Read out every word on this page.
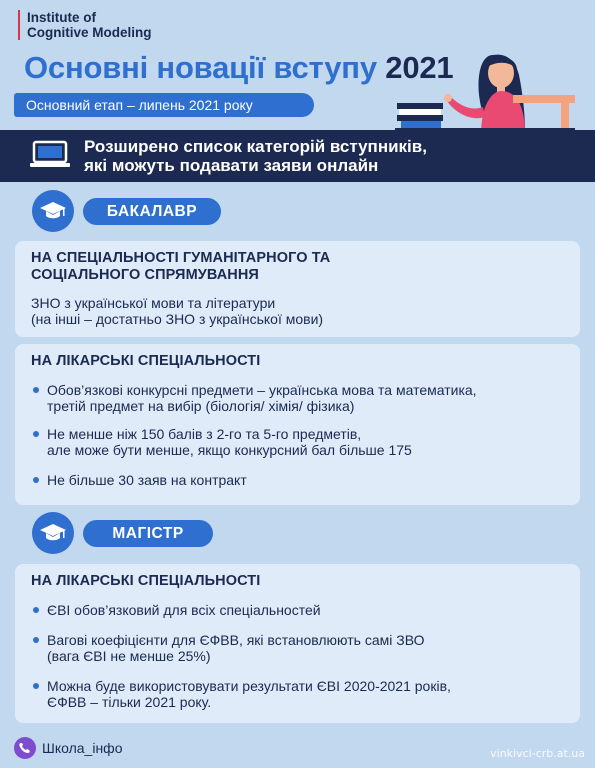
Institute of
Cognitive Modeling
Основні новації вступу 2021
Основний етап – липень 2021 року
Розширено список категорій вступників,
які можуть подавати заяви онлайн
БАКАЛАВР
НА СПЕЦІАЛЬНОСТІ ГУМАНІТАРНОГО ТА
СОЦІАЛЬНОГО СПРЯМУВАННЯ
ЗНО з української мови та літератури
(на інші – достатньо ЗНО з української мови)
НА ЛІКАРСЬКІ СПЕЦІАЛЬНОСТІ
Обов’язкові конкурсні предмети – українська мова та математика,
третій предмет на вибір (біологія/ хімія/ фізика)
Не менше ніж 150 балів з 2-го та 5-го предметів,
але може бути менше, якщо конкурсний бал більше 175
Не більше 30 заяв на контракт
МАГІСТР
НА ЛІКАРСЬКІ СПЕЦІАЛЬНОСТІ
ЄВІ обов’язковий для всіх спеціальностей
Вагові коефіцієнти для ЄФВВ, які встановлюють самі ЗВО
(вага ЄВІ не менше 25%)
Можна буде використовувати результати ЄВІ 2020-2021 років,
ЄФВВ – тільки 2021 року.
Школа_інфо	vinkivci-crb.at.ua
